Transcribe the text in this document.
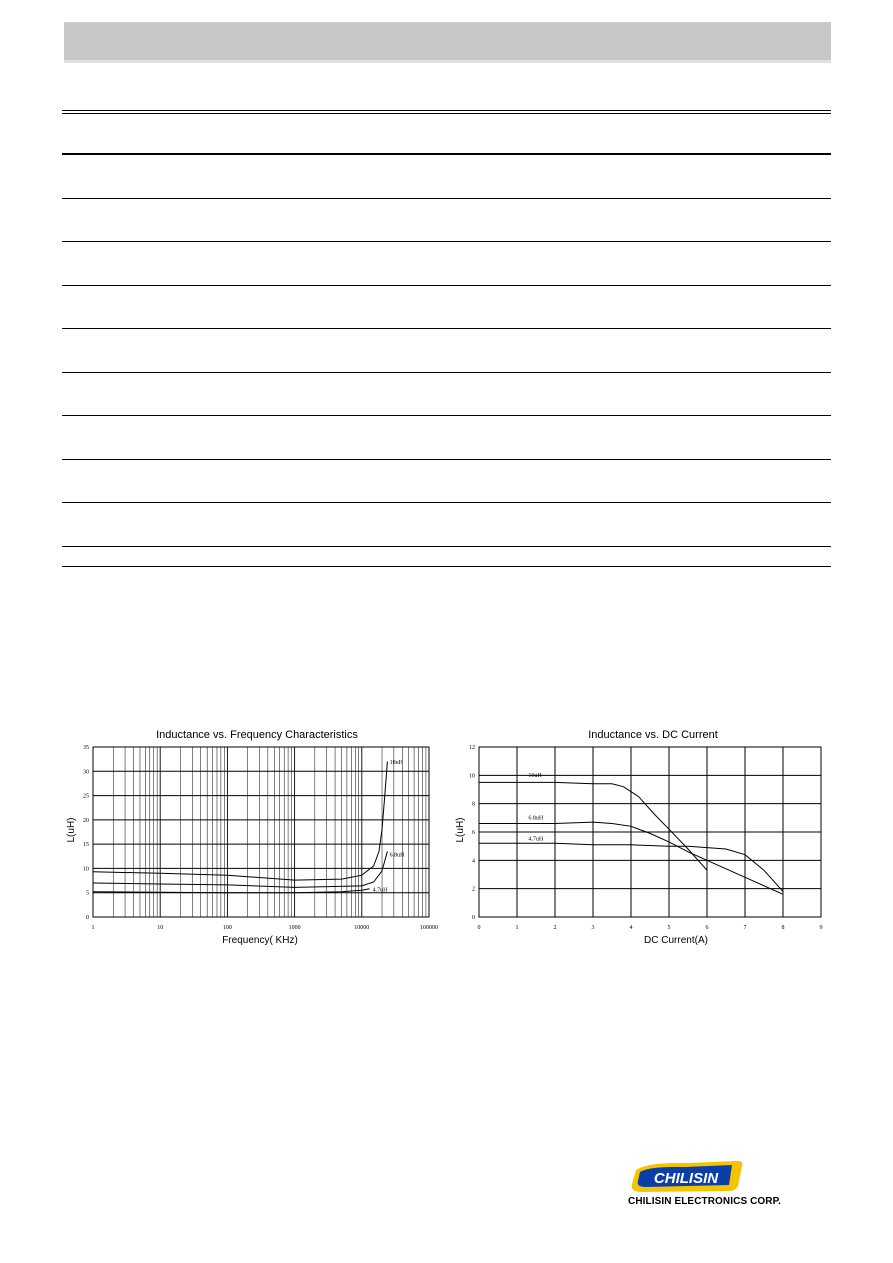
Inductance vs. Frequency Characteristics
L(uH)
Frequency( KHz)
1	10	100	1000	10000	100000
0
5
10
15
20
25
30
35
10uH
6.8uH
4.7uH
Inductance vs. DC Current
L(uH)
DC Current(A)
0	1	2	3	4	5	6	7	8	9
0
2
4
6
8
10
12
10uH
6.8uH
4.7uH
CHILISIN
CHILISIN ELECTRONICS CORP.
